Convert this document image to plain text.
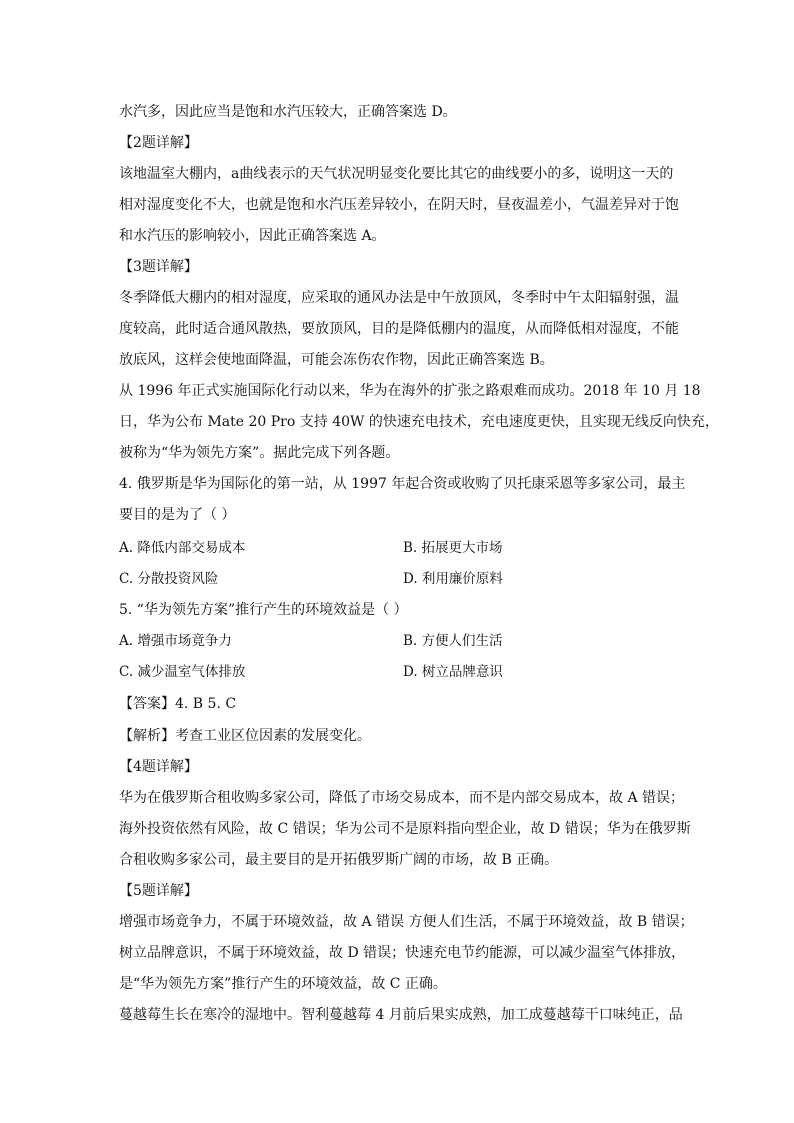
水汽多，因此应当是饱和水汽压较大，正确答案选 D。
【2题详解】
该地温室大棚内，a曲线表示的天气状况明显变化要比其它的曲线要小的多，说明这一天的
相对湿度变化不大，也就是饱和水汽压差异较小，在阴天时，昼夜温差小，气温差异对于饱
和水汽压的影响较小，因此正确答案选 A。
【3题详解】
冬季降低大棚内的相对湿度，应采取的通风办法是中午放顶风，冬季时中午太阳辐射强，温
度较高，此时适合通风散热，要放顶风，目的是降低棚内的温度，从而降低相对湿度，不能
放底风，这样会使地面降温，可能会冻伤农作物，因此正确答案选 B。
从 1996 年正式实施国际化行动以来，华为在海外的扩张之路艰难而成功。2018 年 10 月 18
日，华为公布 Mate 20 Pro 支持 40W 的快速充电技术，充电速度更快，且实现无线反向快充，
被称为“华为领先方案”。据此完成下列各题。
4. 俄罗斯是华为国际化的第一站，从 1997 年起合资或收购了贝托康采恩等多家公司，最主
要目的是为了（ ）
A. 降低内部交易成本	B. 拓展更大市场
C. 分散投资风险	D. 利用廉价原料
5. “华为领先方案”推行产生的环境效益是（ ）
A. 增强市场竟争力	B. 方便人们生活
C. 减少温室气体排放	D. 树立品牌意识
【答案】4. B 5. C
【解析】考查工业区位因素的发展变化。
【4题详解】
华为在俄罗斯合租收购多家公司，降低了市场交易成本，而不是内部交易成本，故 A 错误；
海外投资依然有风险，故 C 错误；华为公司不是原料指向型企业，故 D 错误；华为在俄罗斯
合租收购多家公司，最主要目的是开拓俄罗斯广阔的市场，故 B 正确。
【5题详解】
增强市场竟争力，不属于环境效益，故 A 错误 方便人们生活，不属于环境效益，故 B 错误；
树立品牌意识，不属于环境效益，故 D 错误；快速充电节约能源，可以减少温室气体排放，
是“华为领先方案”推行产生的环境效益，故 C 正确。
蔓越莓生长在寒冷的湿地中。智利蔓越莓 4 月前后果实成熟，加工成蔓越莓干口味纯正，品
